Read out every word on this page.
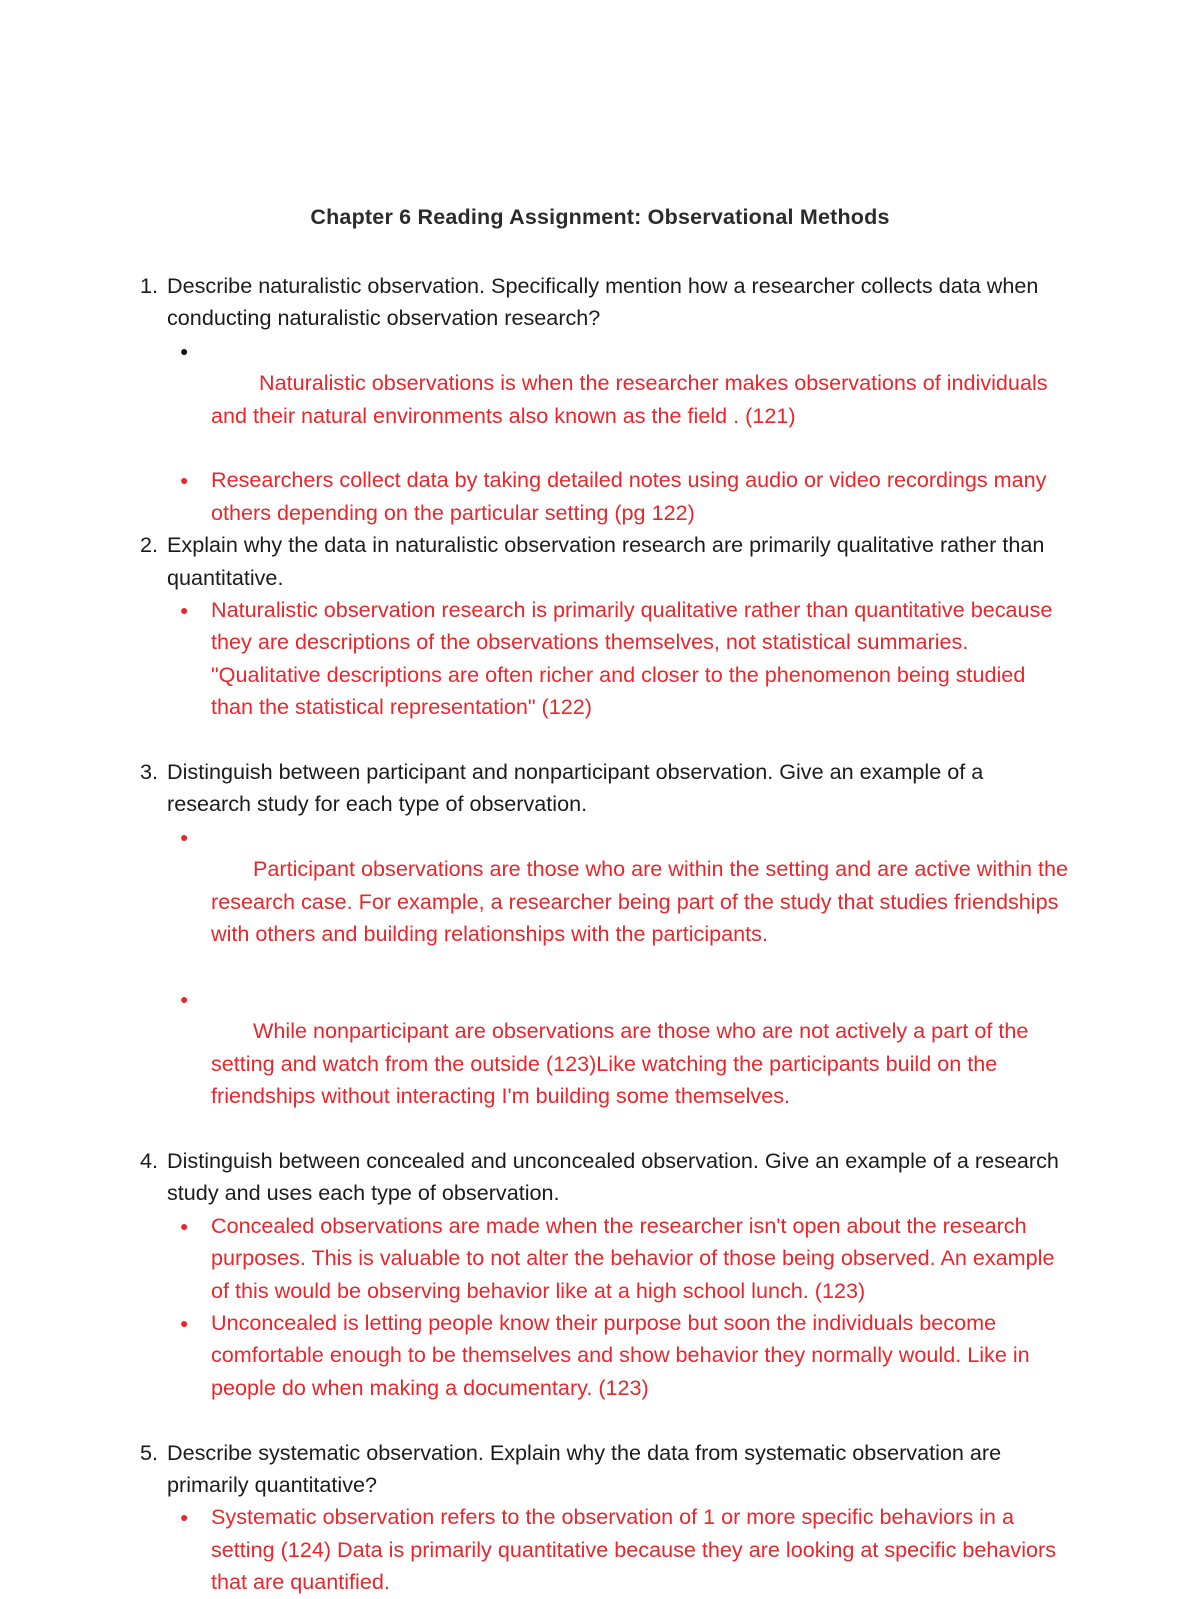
Chapter 6 Reading Assignment: Observational Methods
1. Describe naturalistic observation. Specifically mention how a researcher collects data when conducting naturalistic observation research?

●
Naturalistic observations is when the researcher makes observations of individuals and their natural environments also known as the field . (121)

● Researchers collect data by taking detailed notes using audio or video recordings many others depending on the particular setting (pg 122)
2. Explain why the data in naturalistic observation research are primarily qualitative rather than quantitative.
● Naturalistic observation research is primarily qualitative rather than quantitative because they are descriptions of the observations themselves, not statistical summaries. "Qualitative descriptions are often richer and closer to the phenomenon being studied than the statistical representation" (122)
3. Distinguish between participant and nonparticipant observation. Give an example of a research study for each type of observation.

●
Participant observations are those who are within the setting and are active within the research case. For example, a researcher being part of the study that studies friendships with others and building relationships with the participants.

●
While nonparticipant are observations are those who are not actively a part of the setting and watch from the outside (123)Like watching the participants build on the friendships without interacting I'm building some themselves.

4. Distinguish between concealed and unconcealed observation. Give an example of a research study and uses each type of observation.
● Concealed observations are made when the researcher isn't open about the research purposes. This is valuable to not alter the behavior of those being observed. An example of this would be observing behavior like at a high school lunch. (123)
● Unconcealed is letting people know their purpose but soon the individuals become comfortable enough to be themselves and show behavior they normally would. Like in people do when making a documentary. (123)
5. Describe systematic observation. Explain why the data from systematic observation are primarily quantitative?
● Systematic observation refers to the observation of 1 or more specific behaviors in a setting (124) Data is primarily quantitative because they are looking at specific behaviors that are quantified.
